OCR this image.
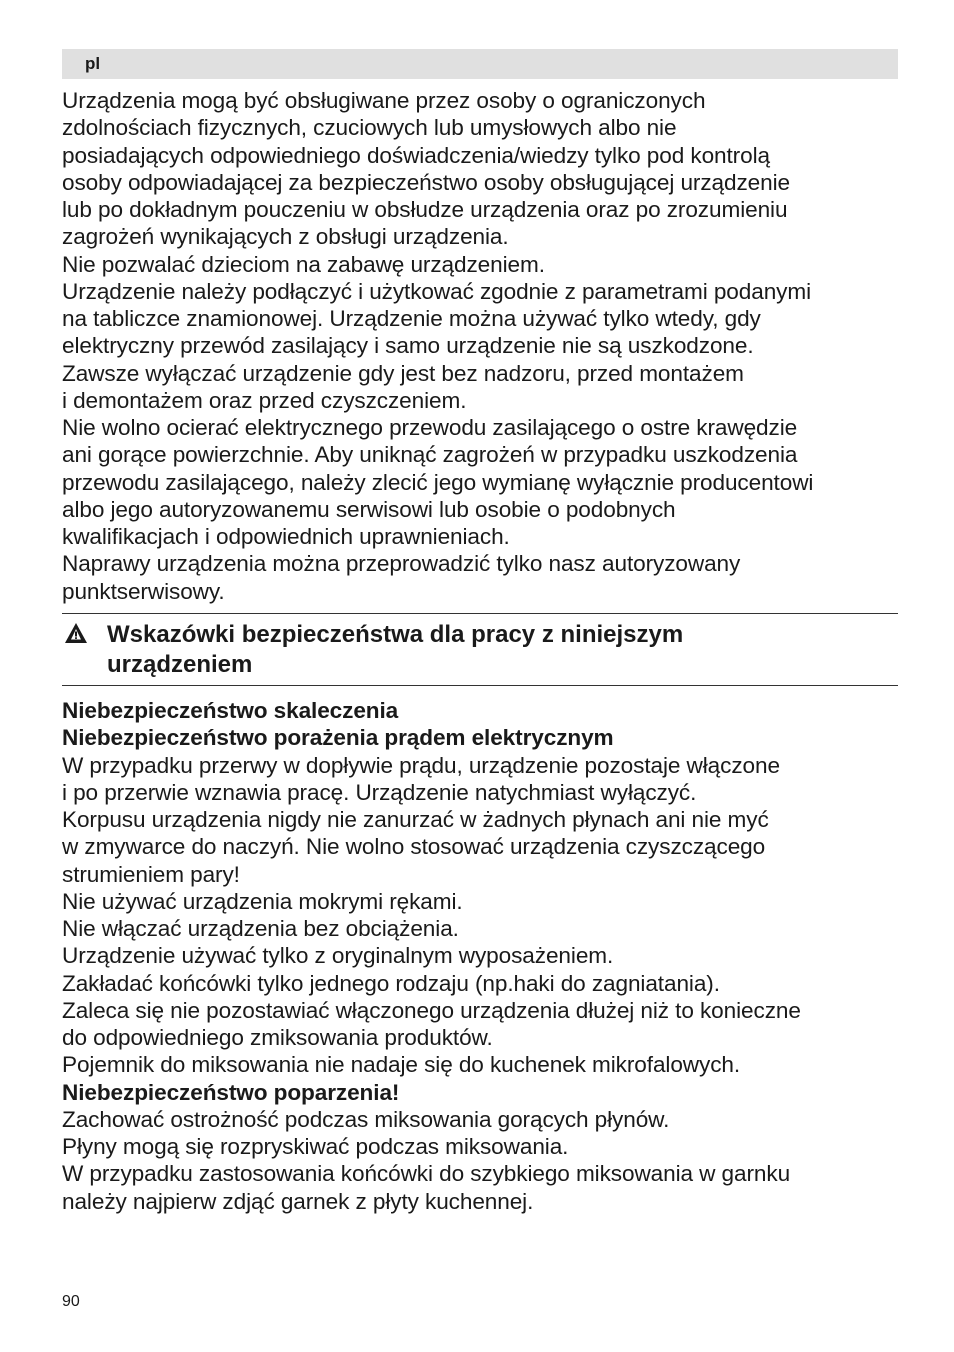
pl

Urządzenia mogą być obsługiwane przez osoby o ograniczonych
zdolnościach fizycznych, czuciowych lub umysłowych albo nie
posiadających odpowiedniego doświadczenia/wiedzy tylko pod kontrolą
osoby odpowiadającej za bezpieczeństwo osoby obsługującej urządzenie
lub po dokładnym pouczeniu w obsłudze urządzenia oraz po zrozumieniu
zagrożeń wynikających z obsługi urządzenia.

Nie pozwalać dzieciom na zabawę urządzeniem.

Urządzenie należy podłączyć i użytkować zgodnie z parametrami podanymi
na tabliczce znamionowej. Urządzenie można używać tylko wtedy, gdy
elektryczny przewód zasilający i samo urządzenie nie są uszkodzone.

Zawsze wyłączać urządzenie gdy jest bez nadzoru, przed montażem
i demontażem oraz przed czyszczeniem.

Nie wolno ocierać elektrycznego przewodu zasilającego o ostre krawędzie
ani gorące powierzchnie. Aby uniknąć zagrożeń w przypadku uszkodzenia
przewodu zasilającego, należy zlecić jego wymianę wyłącznie producentowi
albo jego autoryzowanemu serwisowi lub osobie o podobnych
kwalifikacjach i odpowiednich uprawnieniach.

Naprawy urządzenia można przeprowadzić tylko nasz autoryzowany
punktserwisowy.

Wskazówki bezpieczeństwa dla pracy z niniejszym
urządzeniem

Niebezpieczeństwo skaleczenia

Niebezpieczeństwo porażenia prądem elektrycznym

W przypadku przerwy w dopływie prądu, urządzenie pozostaje włączone
i po przerwie wznawia pracę. Urządzenie natychmiast wyłączyć.

Korpusu urządzenia nigdy nie zanurzać w żadnych płynach ani nie myć
w zmywarce do naczyń. Nie wolno stosować urządzenia czyszczącego
strumieniem pary!

Nie używać urządzenia mokrymi rękami.

Nie włączać urządzenia bez obciążenia.

Urządzenie używać tylko z oryginalnym wyposażeniem.

Zakładać końcówki tylko jednego rodzaju (np.haki do zagniatania).

Zaleca się nie pozostawiać włączonego urządzenia dłużej niż to konieczne
do odpowiedniego zmiksowania produktów.

Pojemnik do miksowania nie nadaje się do kuchenek mikrofalowych.

Niebezpieczeństwo poparzenia!

Zachować ostrożność podczas miksowania gorących płynów.

Płyny mogą się rozpryskiwać podczas miksowania.

W przypadku zastosowania końcówki do szybkiego miksowania w garnku
należy najpierw zdjąć garnek z płyty kuchennej.

90
